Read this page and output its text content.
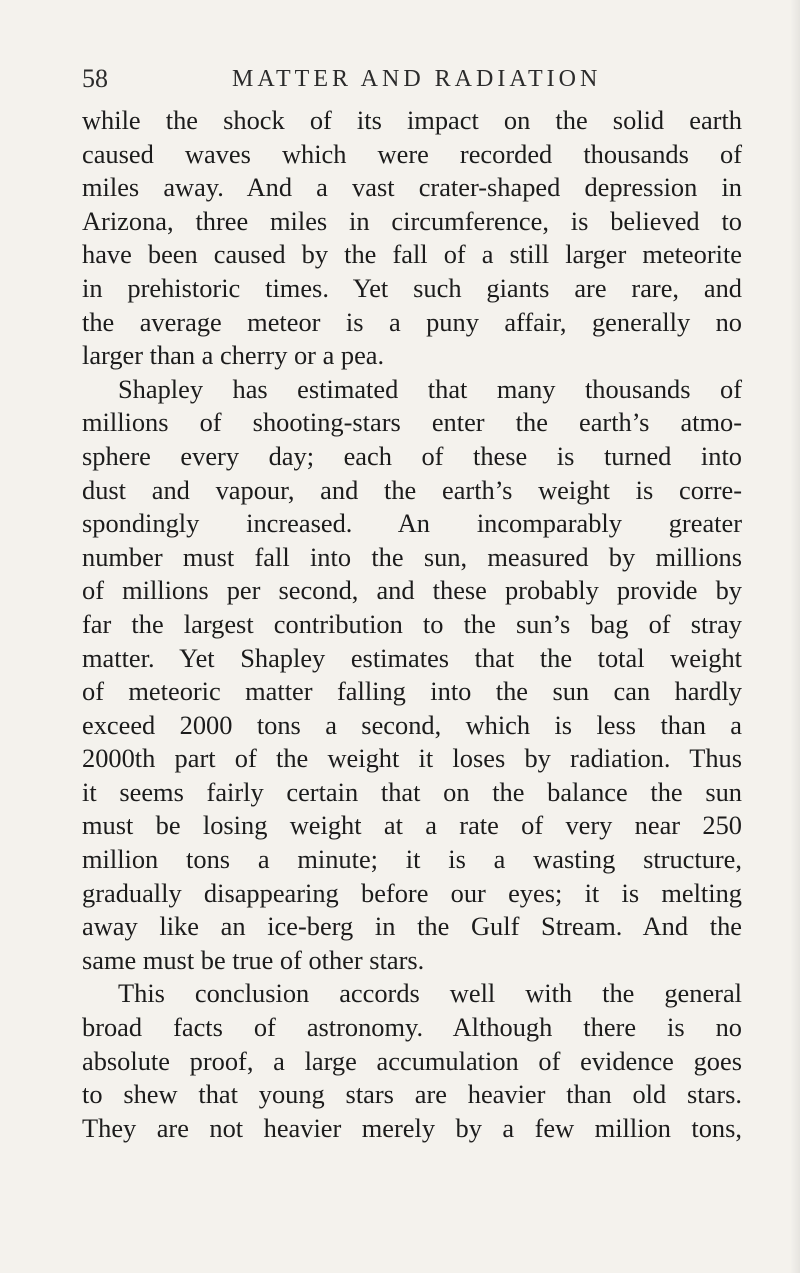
58	MATTER AND RADIATION
while the shock of its impact on the solid earth
caused waves which were recorded thousands of
miles away. And a vast crater-shaped depression in
Arizona, three miles in circumference, is believed to
have been caused by the fall of a still larger meteorite
in prehistoric times. Yet such giants are rare, and
the average meteor is a puny affair, generally no
larger than a cherry or a pea.
Shapley has estimated that many thousands of
millions of shooting-stars enter the earth’s atmo-
sphere every day; each of these is turned into
dust and vapour, and the earth’s weight is corre-
spondingly increased. An incomparably greater
number must fall into the sun, measured by millions
of millions per second, and these probably provide by
far the largest contribution to the sun’s bag of stray
matter. Yet Shapley estimates that the total weight
of meteoric matter falling into the sun can hardly
exceed 2000 tons a second, which is less than a
2000th part of the weight it loses by radiation. Thus
it seems fairly certain that on the balance the sun
must be losing weight at a rate of very near 250
million tons a minute; it is a wasting structure,
gradually disappearing before our eyes; it is melting
away like an ice-berg in the Gulf Stream. And the
same must be true of other stars.
This conclusion accords well with the general
broad facts of astronomy. Although there is no
absolute proof, a large accumulation of evidence goes
to shew that young stars are heavier than old stars.
They are not heavier merely by a few million tons,
